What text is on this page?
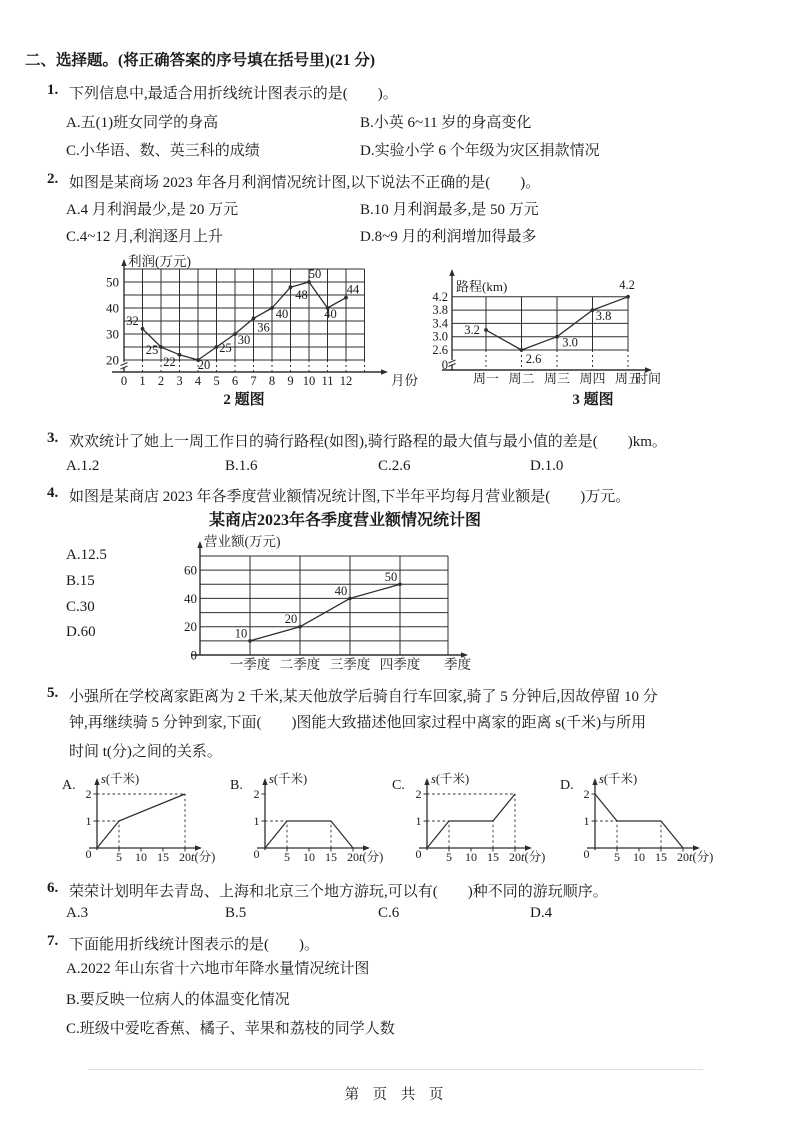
二、选择题。(将正确答案的序号填在括号里)(21 分)
1. 下列信息中,最适合用折线统计图表示的是(　　)。
A.五(1)班女同学的身高	B.小英 6~11 岁的身高变化
C.小华语、数、英三科的成绩	D.实验小学 6 个年级为灾区捐款情况
2. 如图是某商场 2023 年各月利润情况统计图,以下说法不正确的是(　　)。
A.4 月利润最少,是 20 万元	B.10 月利润最多,是 50 万元
C.4~12 月,利润逐月上升	D.8~9 月的利润增加得最多
20
30
40
50
0 1 2 3 4 5 6 7 8 9 10 11 12	月份
利润(万元)
32
25
22 20
25
30
36
40
48
50
40
44
2.6
3.0
3.4
3.8
4.2
0
周一 周二 周三 周四 周五
时间
路程(km)
3.2
2.6
3.0
3.8
4.2
2 题图	3 题图
3. 欢欢统计了她上一周工作日的骑行路程(如图),骑行路程的最大值与最小值的差是(　　)km。
A.1.2	B.1.6	C.2.6	D.1.0
4. 如图是某商店 2023 年各季度营业额情况统计图,下半年平均每月营业额是(　　)万元。
某商店2023年各季度营业额情况统计图
A.12.5
B.15
C.30
D.60
0
20
40
60
一季度 二季度 三季度 四季度 季度
营业额(万元)
10
20
40
50
5. 小强所在学校离家距离为 2 千米,某天他放学后骑自行车回家,骑了 5 分钟后,因故停留 10 分
钟,再继续骑 5 分钟到家,下面(　　)图能大致描述他回家过程中离家的距离 s(千米)与所用
时间 t(分)之间的关系。
5 10 15 20
1
2
0
s(千米)
t(分)
A.
5 10 15 20
1
2
0
s(千米)
t(分)
B.
5 10 15 20
1
2
0
s(千米)
t(分)
C.
5 10 15 20
1
2
0
s(千米)
t(分)
D.
6. 荣荣计划明年去青岛、上海和北京三个地方游玩,可以有(　　)种不同的游玩顺序。
A.3	B.5	C.6	D.4
7. 下面能用折线统计图表示的是(　　)。
A.2022 年山东省十六地市年降水量情况统计图
B.要反映一位病人的体温变化情况
C.班级中爱吃香蕉、橘子、苹果和荔枝的同学人数
第 页 共 页
